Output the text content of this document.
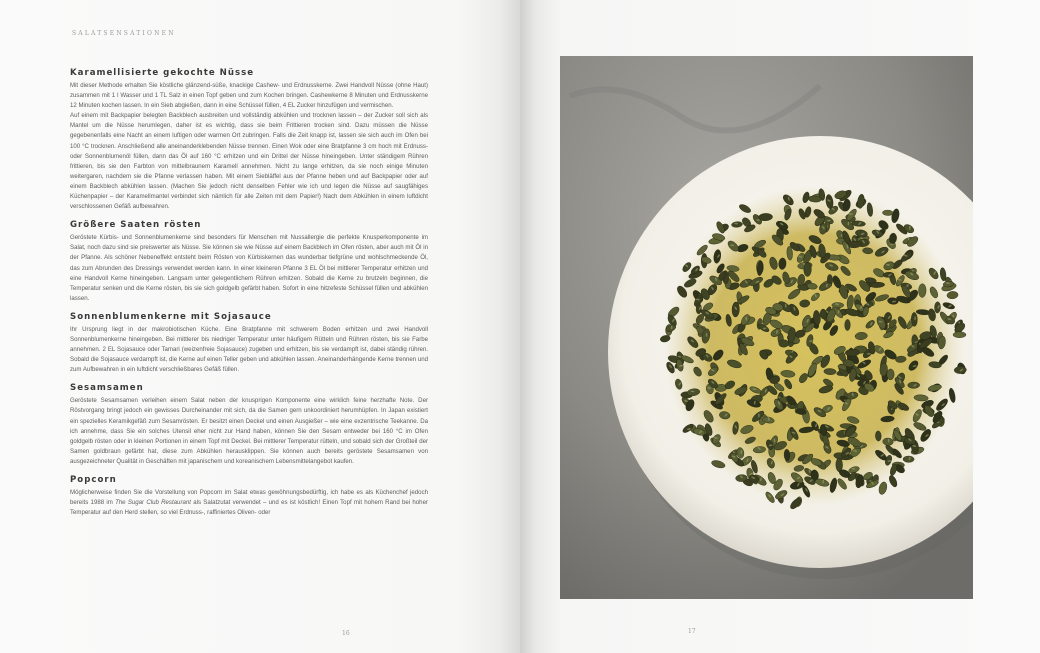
SALATSENSATIONEN
Karamellisierte gekochte Nüsse

Mit dieser Methode erhalten Sie köstliche glänzend-süße, knackige Cashew- und Erdnusskerne. Zwei Handvoll Nüsse (ohne Haut) zusammen mit 1 l Wasser und 1 TL Salz in einen Topf geben und zum Kochen bringen. Cashewkerne 8 Minuten und Erdnusskerne 12 Minuten kochen lassen. In ein Sieb abgießen, dann in eine Schüssel füllen, 4 EL Zucker hinzufügen und vermischen.

Auf einem mit Backpapier belegten Backblech ausbreiten und vollständig abkühlen und trocknen lassen – der Zucker soll sich als Mantel um die Nüsse herumlegen, daher ist es wichtig, dass sie beim Frittieren trocken sind. Dazu müssen die Nüsse gegebenenfalls eine Nacht an einem luftigen oder warmen Ort zubringen. Falls die Zeit knapp ist, lassen sie sich auch im Ofen bei 100 °C trocknen. Anschließend alle aneinanderklebenden Nüsse trennen. Einen Wok oder eine Bratpfanne 3 cm hoch mit Erdnuss- oder Sonnenblumenöl füllen, dann das Öl auf 160 °C erhitzen und ein Drittel der Nüsse hineingeben. Unter ständigem Rühren frittieren, bis sie den Farbton von mittelbraunem Karamell annehmen. Nicht zu lange erhitzen, da sie noch einige Minuten weitergaren, nachdem sie die Pfanne verlassen haben. Mit einem Siebläffel aus der Pfanne heben und auf Backpapier oder auf einem Backblech abkühlen lassen. (Machen Sie jedoch nicht denselben Fehler wie ich und legen die Nüsse auf saugfähiges Küchenpapier – der Karamellmantel verbindet sich nämlich für alle Zeiten mit dem Papier!) Nach dem Abkühlen in einem luftdicht verschlossenen Gefäß aufbewahren.

Größere Saaten rösten

Geröstete Kürbis- und Sonnenblumenkerne sind besonders für Menschen mit Nussallergie die perfekte Knusperkomponente im Salat, noch dazu sind sie preiswerter als Nüsse. Sie können sie wie Nüsse auf einem Backblech im Ofen rösten, aber auch mit Öl in der Pfanne. Als schöner Nebeneffekt entsteht beim Rösten von Kürbiskernen das wunderbar tiefgrüne und wohlschmeckende Öl, das zum Abrunden des Dressings verwendet werden kann. In einer kleineren Pfanne 3 EL Öl bei mittlerer Temperatur erhitzen und eine Handvoll Kerne hineingeben. Langsam unter gelegentlichem Rühren erhitzen. Sobald die Kerne zu brutzeln beginnen, die Temperatur senken und die Kerne rösten, bis sie sich goldgelb gefärbt haben. Sofort in eine hitzefeste Schüssel füllen und abkühlen lassen.

Sonnenblumenkerne mit Sojasauce

Ihr Ursprung liegt in der makrobiotischen Küche. Eine Bratpfanne mit schwerem Boden erhitzen und zwei Handvoll Sonnenblumenkerne hineingeben. Bei mittlerer bis niedriger Temperatur unter häufigem Rütteln und Rühren rösten, bis sie Farbe annehmen. 2 EL Sojasauce oder Tamari (weizenfreie Sojasauce) zugeben und erhitzen, bis sie verdampft ist, dabei ständig rühren. Sobald die Sojasauce verdampft ist, die Kerne auf einen Teller geben und abkühlen lassen. Aneinanderhängende Kerne trennen und zum Aufbewahren in ein luftdicht verschließbares Gefäß füllen.

Sesamsamen

Geröstete Sesamsamen verleihen einem Salat neben der knusprigen Komponente eine wirklich feine herzhafte Note. Der Röstvorgang bringt jedoch ein gewisses Durcheinander mit sich, da die Samen gern unkoordiniert herumhüpfen. In Japan existiert ein spezielles Keramikgefäß zum Sesamrösten. Er besitzt einen Deckel und einen Ausgießer – wie eine exzentrische Teekanne. Da ich annehme, dass Sie ein solches Utensil eher nicht zur Hand haben, können Sie den Sesam entweder bei 160 °C im Ofen goldgelb rösten oder in kleinen Portionen in einem Topf mit Deckel. Bei mittlerer Temperatur rütteln, und sobald sich der Großteil der Samen goldbraun gefärbt hat, diese zum Abkühlen herausklippen. Sie können auch bereits geröstete Sesamsamen von ausgezeichneter Qualität in Geschäften mit japanischem und koreanischem Lebensmittelangebot kaufen.

Popcorn

Möglicherweise finden Sie die Vorstellung von Popcorn im Salat etwas gewöhnungsbedürftig, ich habe es als Küchenchef jedoch bereits 1988 im The Sugar Club Restaurant als Salatzutat verwendet – und es ist köstlich! Einen Topf mit hohem Rand bei hoher Temperatur auf den Herd stellen, so viel Erdnuss-, raffiniertes Oliven- oder

16	17
